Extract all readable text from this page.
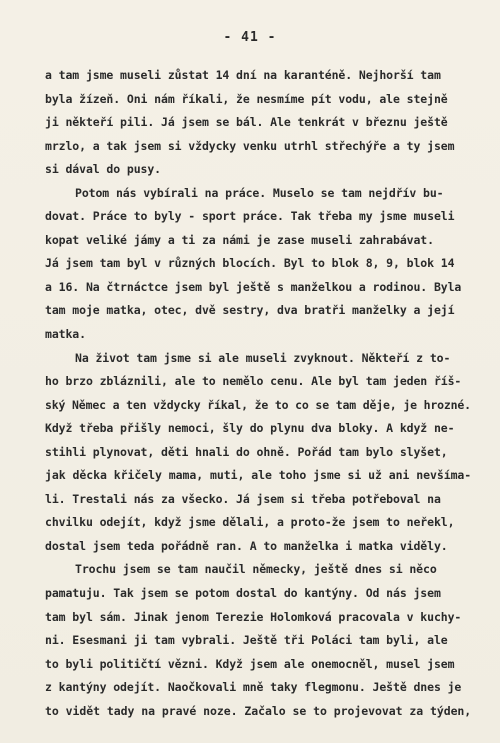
- 41 -
a tam jsme museli zůstat 14 dní na karanténě. Nejhorší tam
byla žízeň. Oni nám říkali, že nesmíme pít vodu, ale stejně
ji někteří pili. Já jsem se bál. Ale tenkrát v březnu ještě
mrzlo, a tak jsem si vždycky venku utrhl střechýře a ty jsem
si dával do pusy.
Potom nás vybírali na práce. Muselo se tam nejdřív bu-
dovat. Práce to byly - sport práce. Tak třeba my jsme museli
kopat veliké jámy a ti za námi je zase museli zahrabávat.
Já jsem tam byl v různých blocích. Byl to blok 8, 9, blok 14
a 16. Na čtrnáctce jsem byl ještě s manželkou a rodinou. Byla
tam moje matka, otec, dvě sestry, dva bratři manželky a její
matka.
Na život tam jsme si ale museli zvyknout. Někteří z to-
ho brzo zbláznili, ale to nemělo cenu. Ale byl tam jeden říš-
ský Němec a ten vždycky říkal, že to co se tam děje, je hrozné.
Když třeba přišly nemoci, šly do plynu dva bloky. A když ne-
stihli plynovat, děti hnali do ohně. Pořád tam bylo slyšet,
jak děcka křičely mama, muti, ale toho jsme si už ani nevšíma-
li. Trestali nás za všecko. Já jsem si třeba potřeboval na
chvilku odejít, když jsme dělali, a proto-že jsem to neřekl,
dostal jsem teda pořádně ran. A to manželka i matka viděly.
Trochu jsem se tam naučil německy, ještě dnes si něco
pamatuju. Tak jsem se potom dostal do kantýny. Od nás jsem
tam byl sám. Jinak jenom Terezie Holomková pracovala v kuchy-
ni. Esesmani ji tam vybrali. Ještě tři Poláci tam byli, ale
to byli političtí vězni. Když jsem ale onemocněl, musel jsem
z kantýny odejít. Naočkovali mně taky flegmonu. Ještě dnes je
to vidět tady na pravé noze. Začalo se to projevovat za týden,
